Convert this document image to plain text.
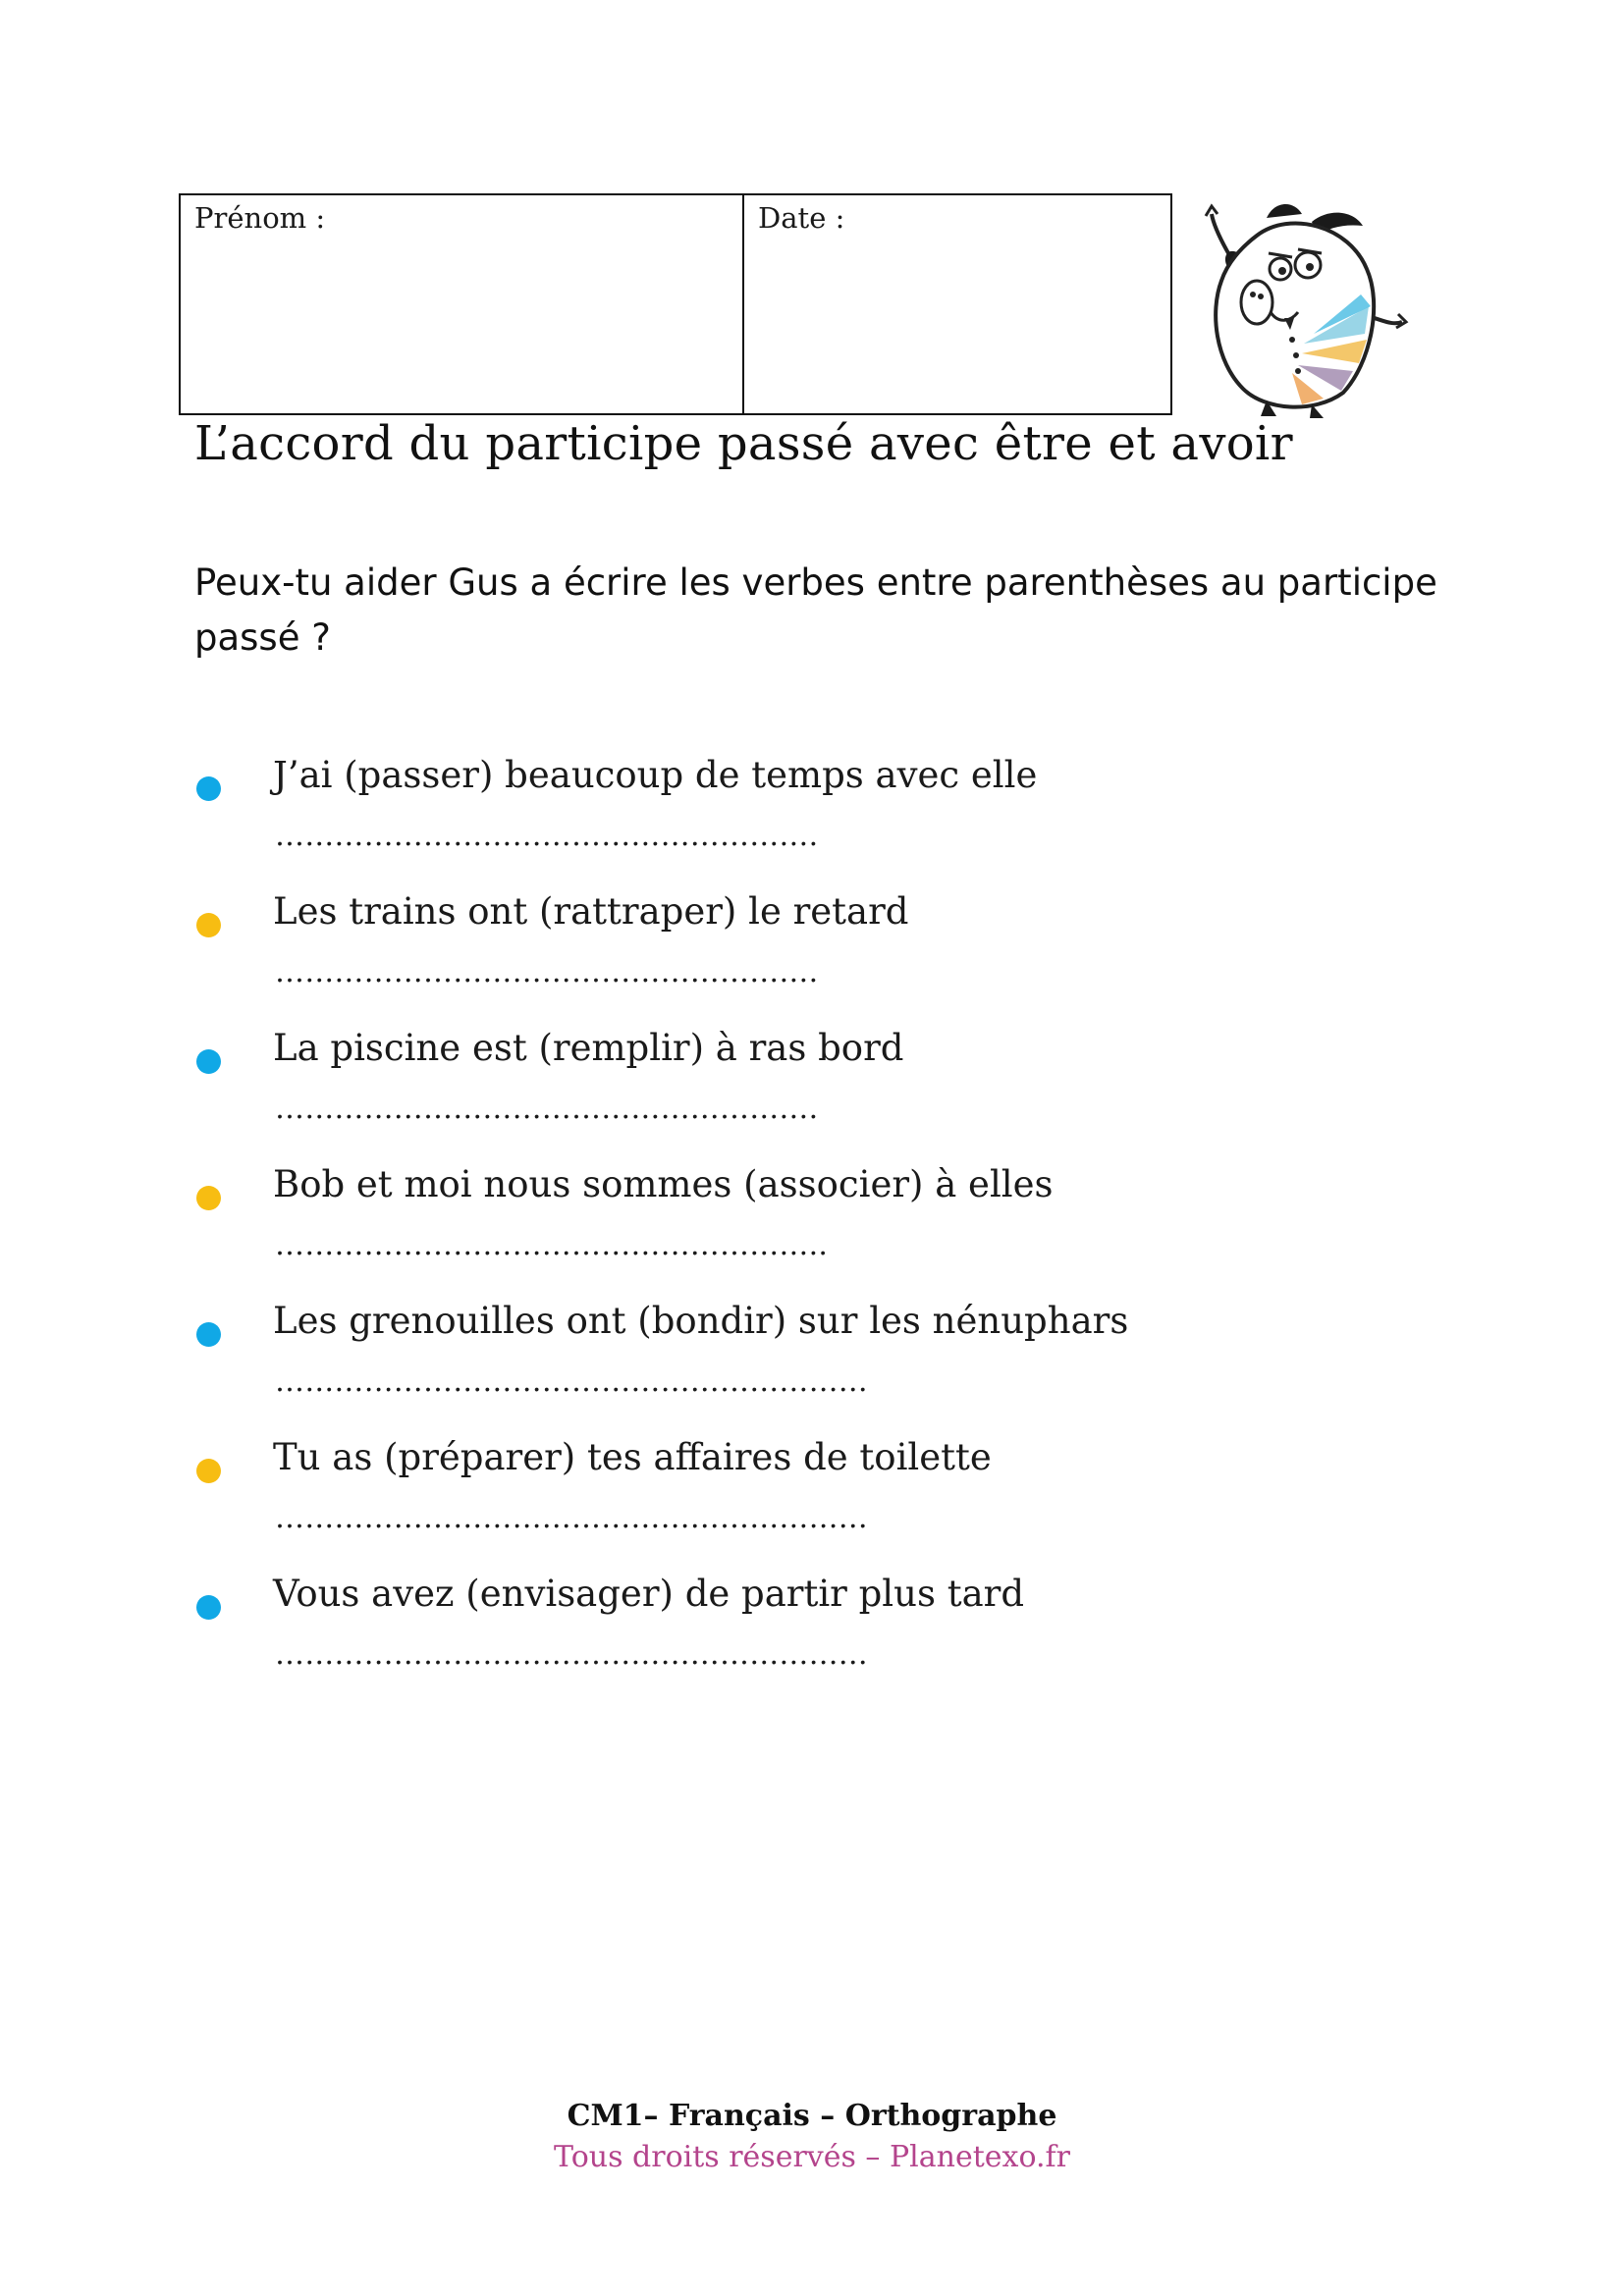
Prénom :	Date :
L’accord du participe passé avec être et avoir

Peux-tu aider Gus a écrire les verbes entre parenthèses au participe passé ?

J’ai (passer) beaucoup de temps avec elle
……………………………………………….
Les trains ont (rattraper) le retard
……………………………………………….
La piscine est (remplir) à ras bord
……………………………………………….
Bob et moi nous sommes (associer) à elles
………………………………………………..
Les grenouilles ont (bondir) sur les nénuphars
……………………………………………………
Tu as (préparer) tes affaires de toilette
……………………………………………………
Vous avez (envisager) de partir plus tard
……………………………………………………

CM1– Français – Orthographe

Tous droits réservés – Planetexo.fr
